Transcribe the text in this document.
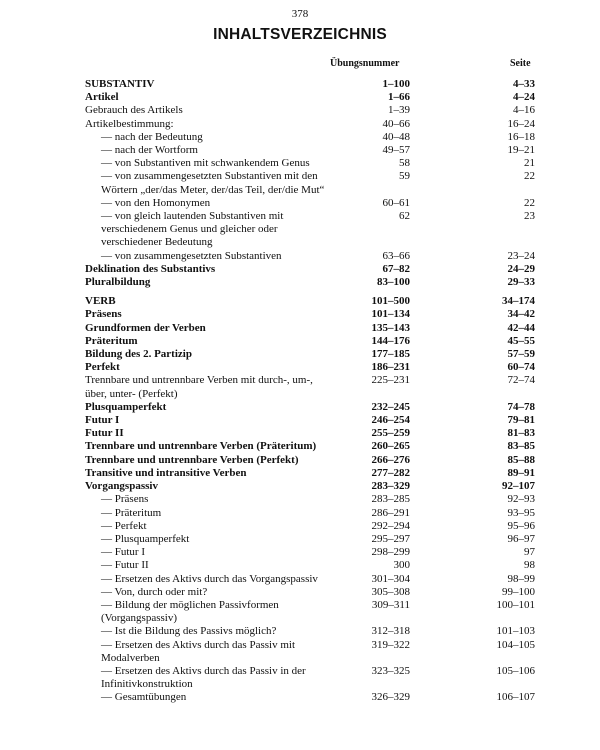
378
INHALTSVERZEICHNIS
Übungsnummer	Seite
SUBSTANTIV	1–100	4–33
Artikel	1–66	4–24
Gebrauch des Artikels	1–39	4–16
Artikelbestimmung:	40–66	16–24
— nach der Bedeutung	40–48	16–18
— nach der Wortform	49–57	19–21
— von Substantiven mit schwankendem Genus	58	21
— von zusammengesetzten Substantiven mit den Wörtern „der/das Meter, der/das Teil, der/die Mut“
59	22
— von den Homonymen	60–61	22
— von gleich lautenden Substantiven mit verschiedenem Genus und gleicher oder verschiedener Bedeutung
62	23
— von zusammengesetzten Substantiven	63–66	23–24
Deklination des Substantivs	67–82	24–29
Pluralbildung	83–100	29–33
VERB	101–500	34–174
Präsens	101–134	34–42
Grundformen der Verben	135–143	42–44
Präteritum	144–176	45–55
Bildung des 2. Partizip	177–185	57–59
Perfekt	186–231	60–74
Trennbare und untrennbare Verben mit durch-, um-, über, unter- (Perfekt)
225–231	72–74
Plusquamperfekt	232–245	74–78
Futur I	246–254	79–81
Futur II	255–259	81–83
Trennbare und untrennbare Verben (Präteritum)	260–265	83–85
Trennbare und untrennbare Verben (Perfekt)	266–276	85–88
Transitive und intransitive Verben	277–282	89–91
Vorgangspassiv	283–329	92–107
— Präsens	283–285	92–93
— Präteritum	286–291	93–95
— Perfekt	292–294	95–96
— Plusquamperfekt	295–297	96–97
— Futur I	298–299	97
— Futur II	300	98
— Ersetzen des Aktivs durch das Vorgangspassiv	301–304	98–99
— Von, durch oder mit?	305–308	99–100
— Bildung der möglichen Passivformen (Vorgangspassiv)
309–311	100–101
— Ist die Bildung des Passivs möglich?	312–318	101–103
— Ersetzen des Aktivs durch das Passiv mit Modalverben
319–322	104–105
— Ersetzen des Aktivs durch das Passiv in der Infinitivkonstruktion
323–325	105–106
— Gesamtübungen	326–329	106–107
